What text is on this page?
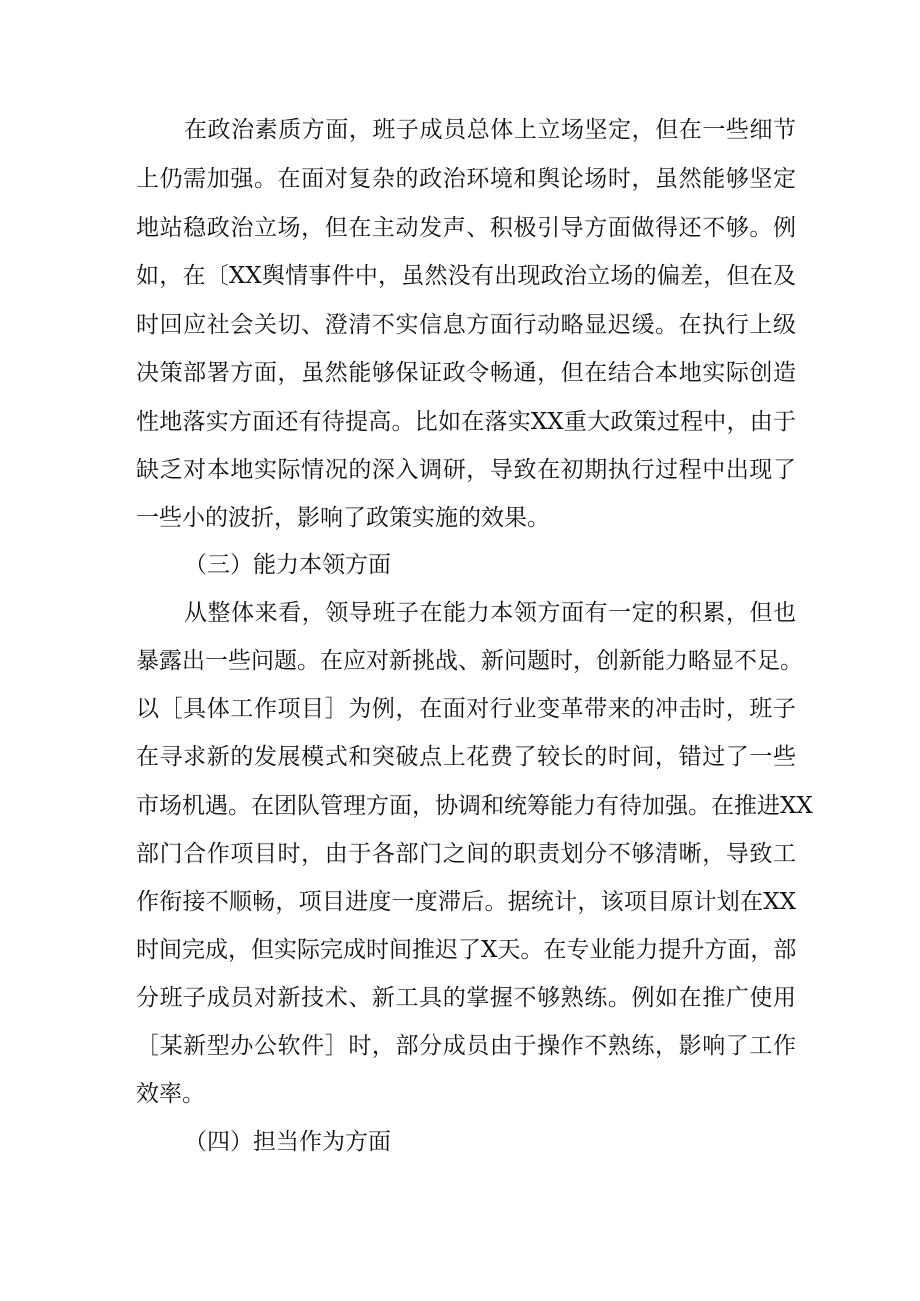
在政治素质方面，班子成员总体上立场坚定，但在一些细节
上仍需加强。在面对复杂的政治环境和舆论场时，虽然能够坚定
地站稳政治立场，但在主动发声、积极引导方面做得还不够。例
如，在〔XX舆情事件中，虽然没有出现政治立场的偏差，但在及
时回应社会关切、澄清不实信息方面行动略显迟缓。在执行上级
决策部署方面，虽然能够保证政令畅通，但在结合本地实际创造
性地落实方面还有待提高。比如在落实XX重大政策过程中，由于
缺乏对本地实际情况的深入调研，导致在初期执行过程中出现了
一些小的波折，影响了政策实施的效果。
（三）能力本领方面
从整体来看，领导班子在能力本领方面有一定的积累，但也
暴露出一些问题。在应对新挑战、新问题时，创新能力略显不足。
以［具体工作项目］为例，在面对行业变革带来的冲击时，班子
在寻求新的发展模式和突破点上花费了较长的时间，错过了一些
市场机遇。在团队管理方面，协调和统筹能力有待加强。在推进XX
部门合作项目时，由于各部门之间的职责划分不够清晰，导致工
作衔接不顺畅，项目进度一度滞后。据统计，该项目原计划在XX
时间完成，但实际完成时间推迟了X天。在专业能力提升方面，部
分班子成员对新技术、新工具的掌握不够熟练。例如在推广使用
［某新型办公软件］时，部分成员由于操作不熟练，影响了工作
效率。
（四）担当作为方面
